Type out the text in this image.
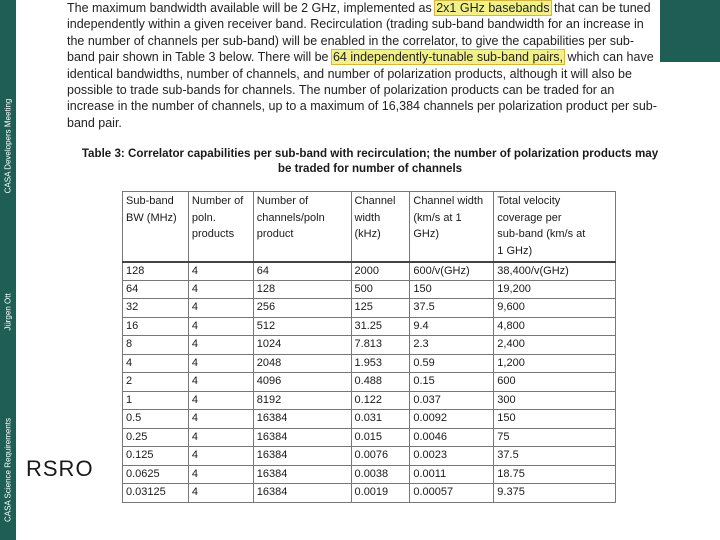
CASA Developers Meeting
Jürgen Ott
CASA Science Requirements
The maximum bandwidth available will be 2 GHz, implemented as 2x1 GHz basebands that can be tuned independently within a given receiver band. Recirculation (trading sub-band bandwidth for an increase in the number of channels per sub-band) will be enabled in the correlator, to give the capabilities per sub-band pair shown in Table 3 below. There will be 64 independently-tunable sub-band pairs, which can have identical bandwidths, number of channels, and number of polarization products, although it will also be possible to trade sub-bands for channels. The number of polarization products can be traded for an increase in the number of channels, up to a maximum of 16,384 channels per polarization product per sub-band pair.
Table 3: Correlator capabilities per sub-band with recirculation; the number of polarization products may be traded for number of channels
Sub-band
BW (MHz)	Number of
poln.
products	Number of
channels/poln
product	Channel
width
(kHz)	Channel width
(km/s at 1
GHz)	Total velocity
coverage per
sub-band (km/s at
1 GHz)

128	4	64	2000	600/v(GHz)	38,400/v(GHz)
64	4	128	500	150	19,200
32	4	256	125	37.5	9,600
16	4	512	31.25	9.4	4,800
8	4	1024	7.813	2.3	2,400
4	4	2048	1.953	0.59	1,200
2	4	4096	0.488	0.15	600
1	4	8192	0.122	0.037	300
0.5	4	16384	0.031	0.0092	150
0.25	4	16384	0.015	0.0046	75
0.125	4	16384	0.0076	0.0023	37.5
0.0625	4	16384	0.0038	0.0011	18.75
0.03125	4	16384	0.0019	0.00057	9.375
RSRO
